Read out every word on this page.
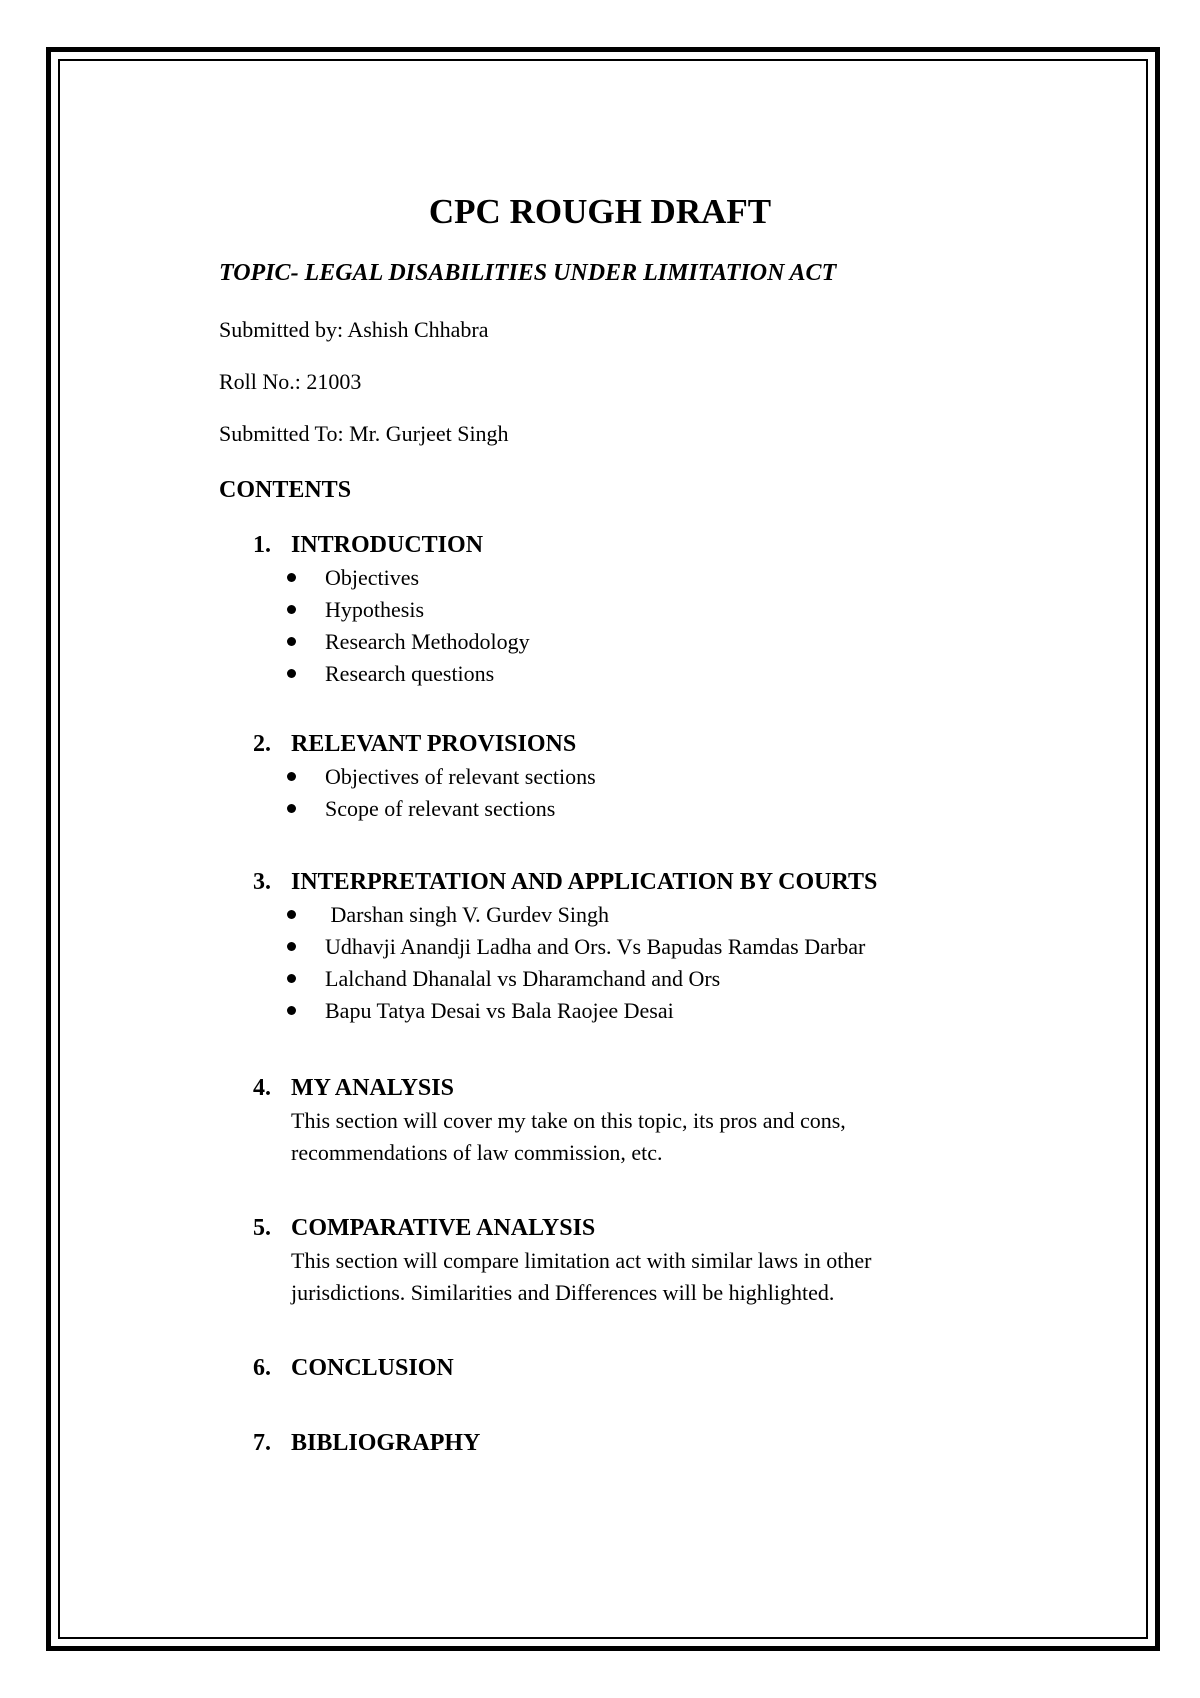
CPC ROUGH DRAFT

TOPIC- LEGAL DISABILITIES UNDER LIMITATION ACT

Submitted by: Ashish Chhabra

Roll No.: 21003

Submitted To: Mr. Gurjeet Singh

CONTENTS

1. INTRODUCTION
Objectives
Hypothesis
Research Methodology
Research questions
2. RELEVANT PROVISIONS
Objectives of relevant sections
Scope of relevant sections
3. INTERPRETATION AND APPLICATION BY COURTS
Darshan singh V. Gurdev Singh
Udhavji Anandji Ladha and Ors. Vs Bapudas Ramdas Darbar
Lalchand Dhanalal vs Dharamchand and Ors
Bapu Tatya Desai vs Bala Raojee Desai
4. MY ANALYSIS

This section will cover my take on this topic, its pros and cons, recommendations of law commission, etc.

5. COMPARATIVE ANALYSIS

This section will compare limitation act with similar laws in other jurisdictions. Similarities and Differences will be highlighted.

6. CONCLUSION
7. BIBLIOGRAPHY
